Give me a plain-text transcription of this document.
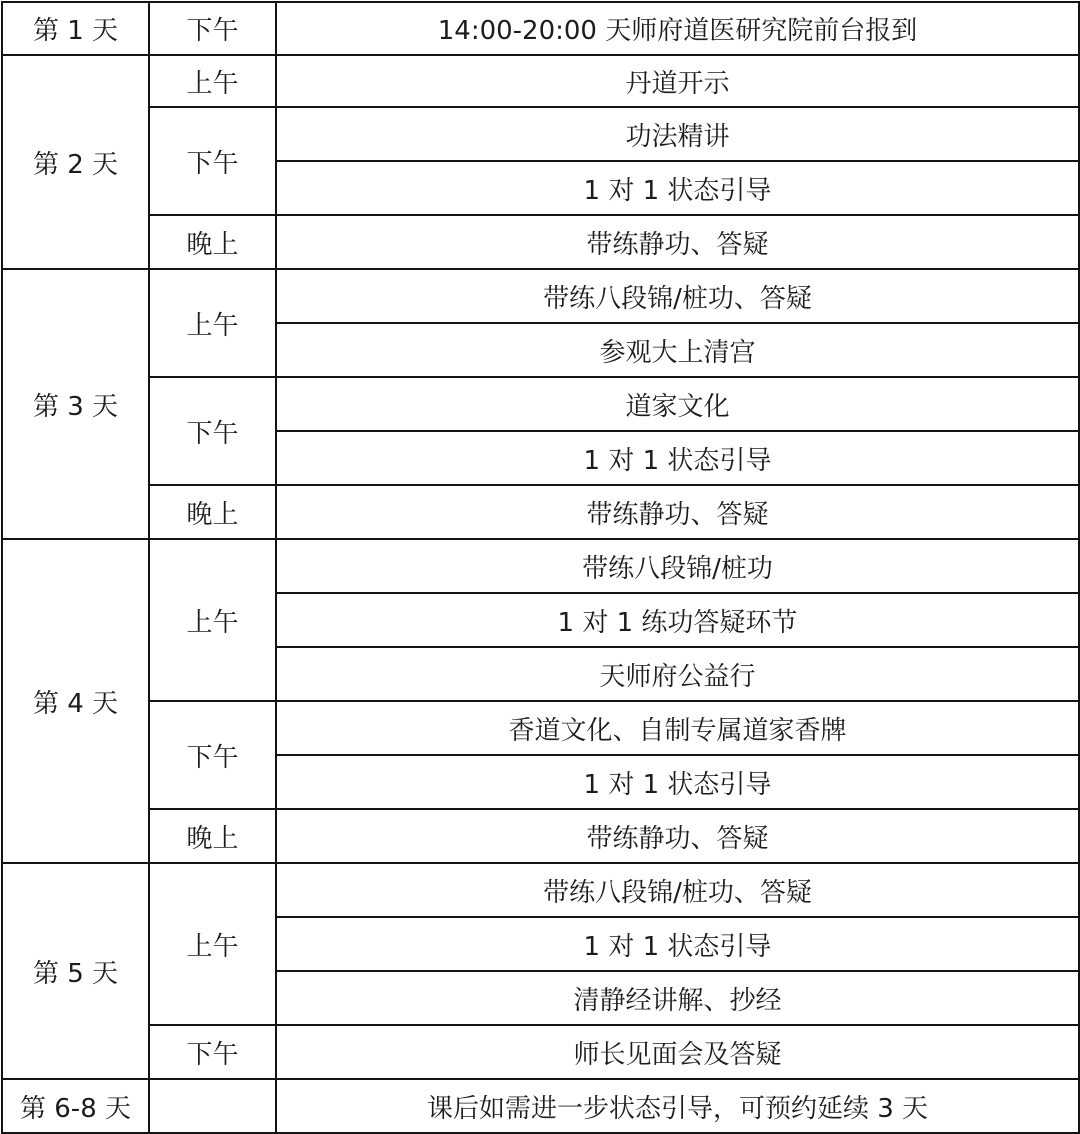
第 1 天	下午	14:00-20:00 天师府道医研究院前台报到
第 2 天	上午	丹道开示
	下午	功法精讲
		1 对 1 状态引导
	晚上	带练静功、答疑
第 3 天	上午	带练八段锦/桩功、答疑
		参观大上清宫
	下午	道家文化
		1 对 1 状态引导
	晚上	带练静功、答疑
第 4 天	上午	带练八段锦/桩功
		1 对 1 练功答疑环节
		天师府公益行
	下午	香道文化、自制专属道家香牌
		1 对 1 状态引导
	晚上	带练静功、答疑
第 5 天	上午	带练八段锦/桩功、答疑
		1 对 1 状态引导
		清静经讲解、抄经
	下午	师长见面会及答疑
第 6-8 天		课后如需进一步状态引导，可预约延续 3 天
